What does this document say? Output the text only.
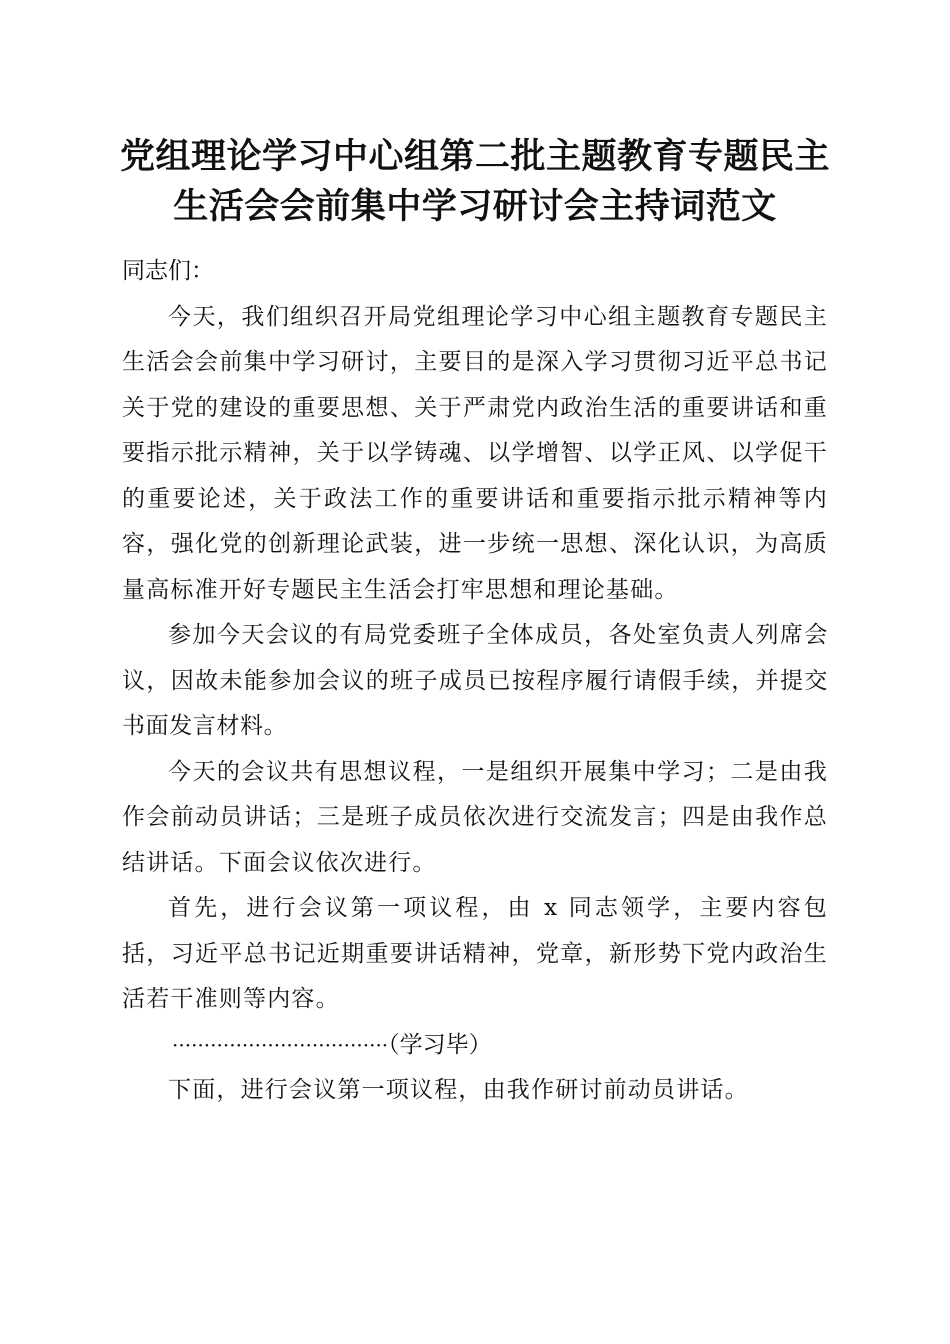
党组理论学习中心组第二批主题教育专题民主
生活会会前集中学习研讨会主持词范文

同志们：

今天，我们组织召开局党组理论学习中心组主题教育专题民主生活会会前集中学习研讨，主要目的是深入学习贯彻习近平总书记关于党的建设的重要思想、关于严肃党内政治生活的重要讲话和重要指示批示精神，关于以学铸魂、以学增智、以学正风、以学促干的重要论述，关于政法工作的重要讲话和重要指示批示精神等内容，强化党的创新理论武装，进一步统一思想、深化认识，为高质量高标准开好专题民主生活会打牢思想和理论基础。

参加今天会议的有局党委班子全体成员，各处室负责人列席会议，因故未能参加会议的班子成员已按程序履行请假手续，并提交书面发言材料。

今天的会议共有思想议程，一是组织开展集中学习；二是由我作会前动员讲话；三是班子成员依次进行交流发言；四是由我作总结讲话。下面会议依次进行。

首先，进行会议第一项议程，由 x 同志领学，主要内容包括，习近平总书记近期重要讲话精神，党章，新形势下党内政治生活若干准则等内容。

··································（学习毕）

下面，进行会议第一项议程，由我作研讨前动员讲话。
